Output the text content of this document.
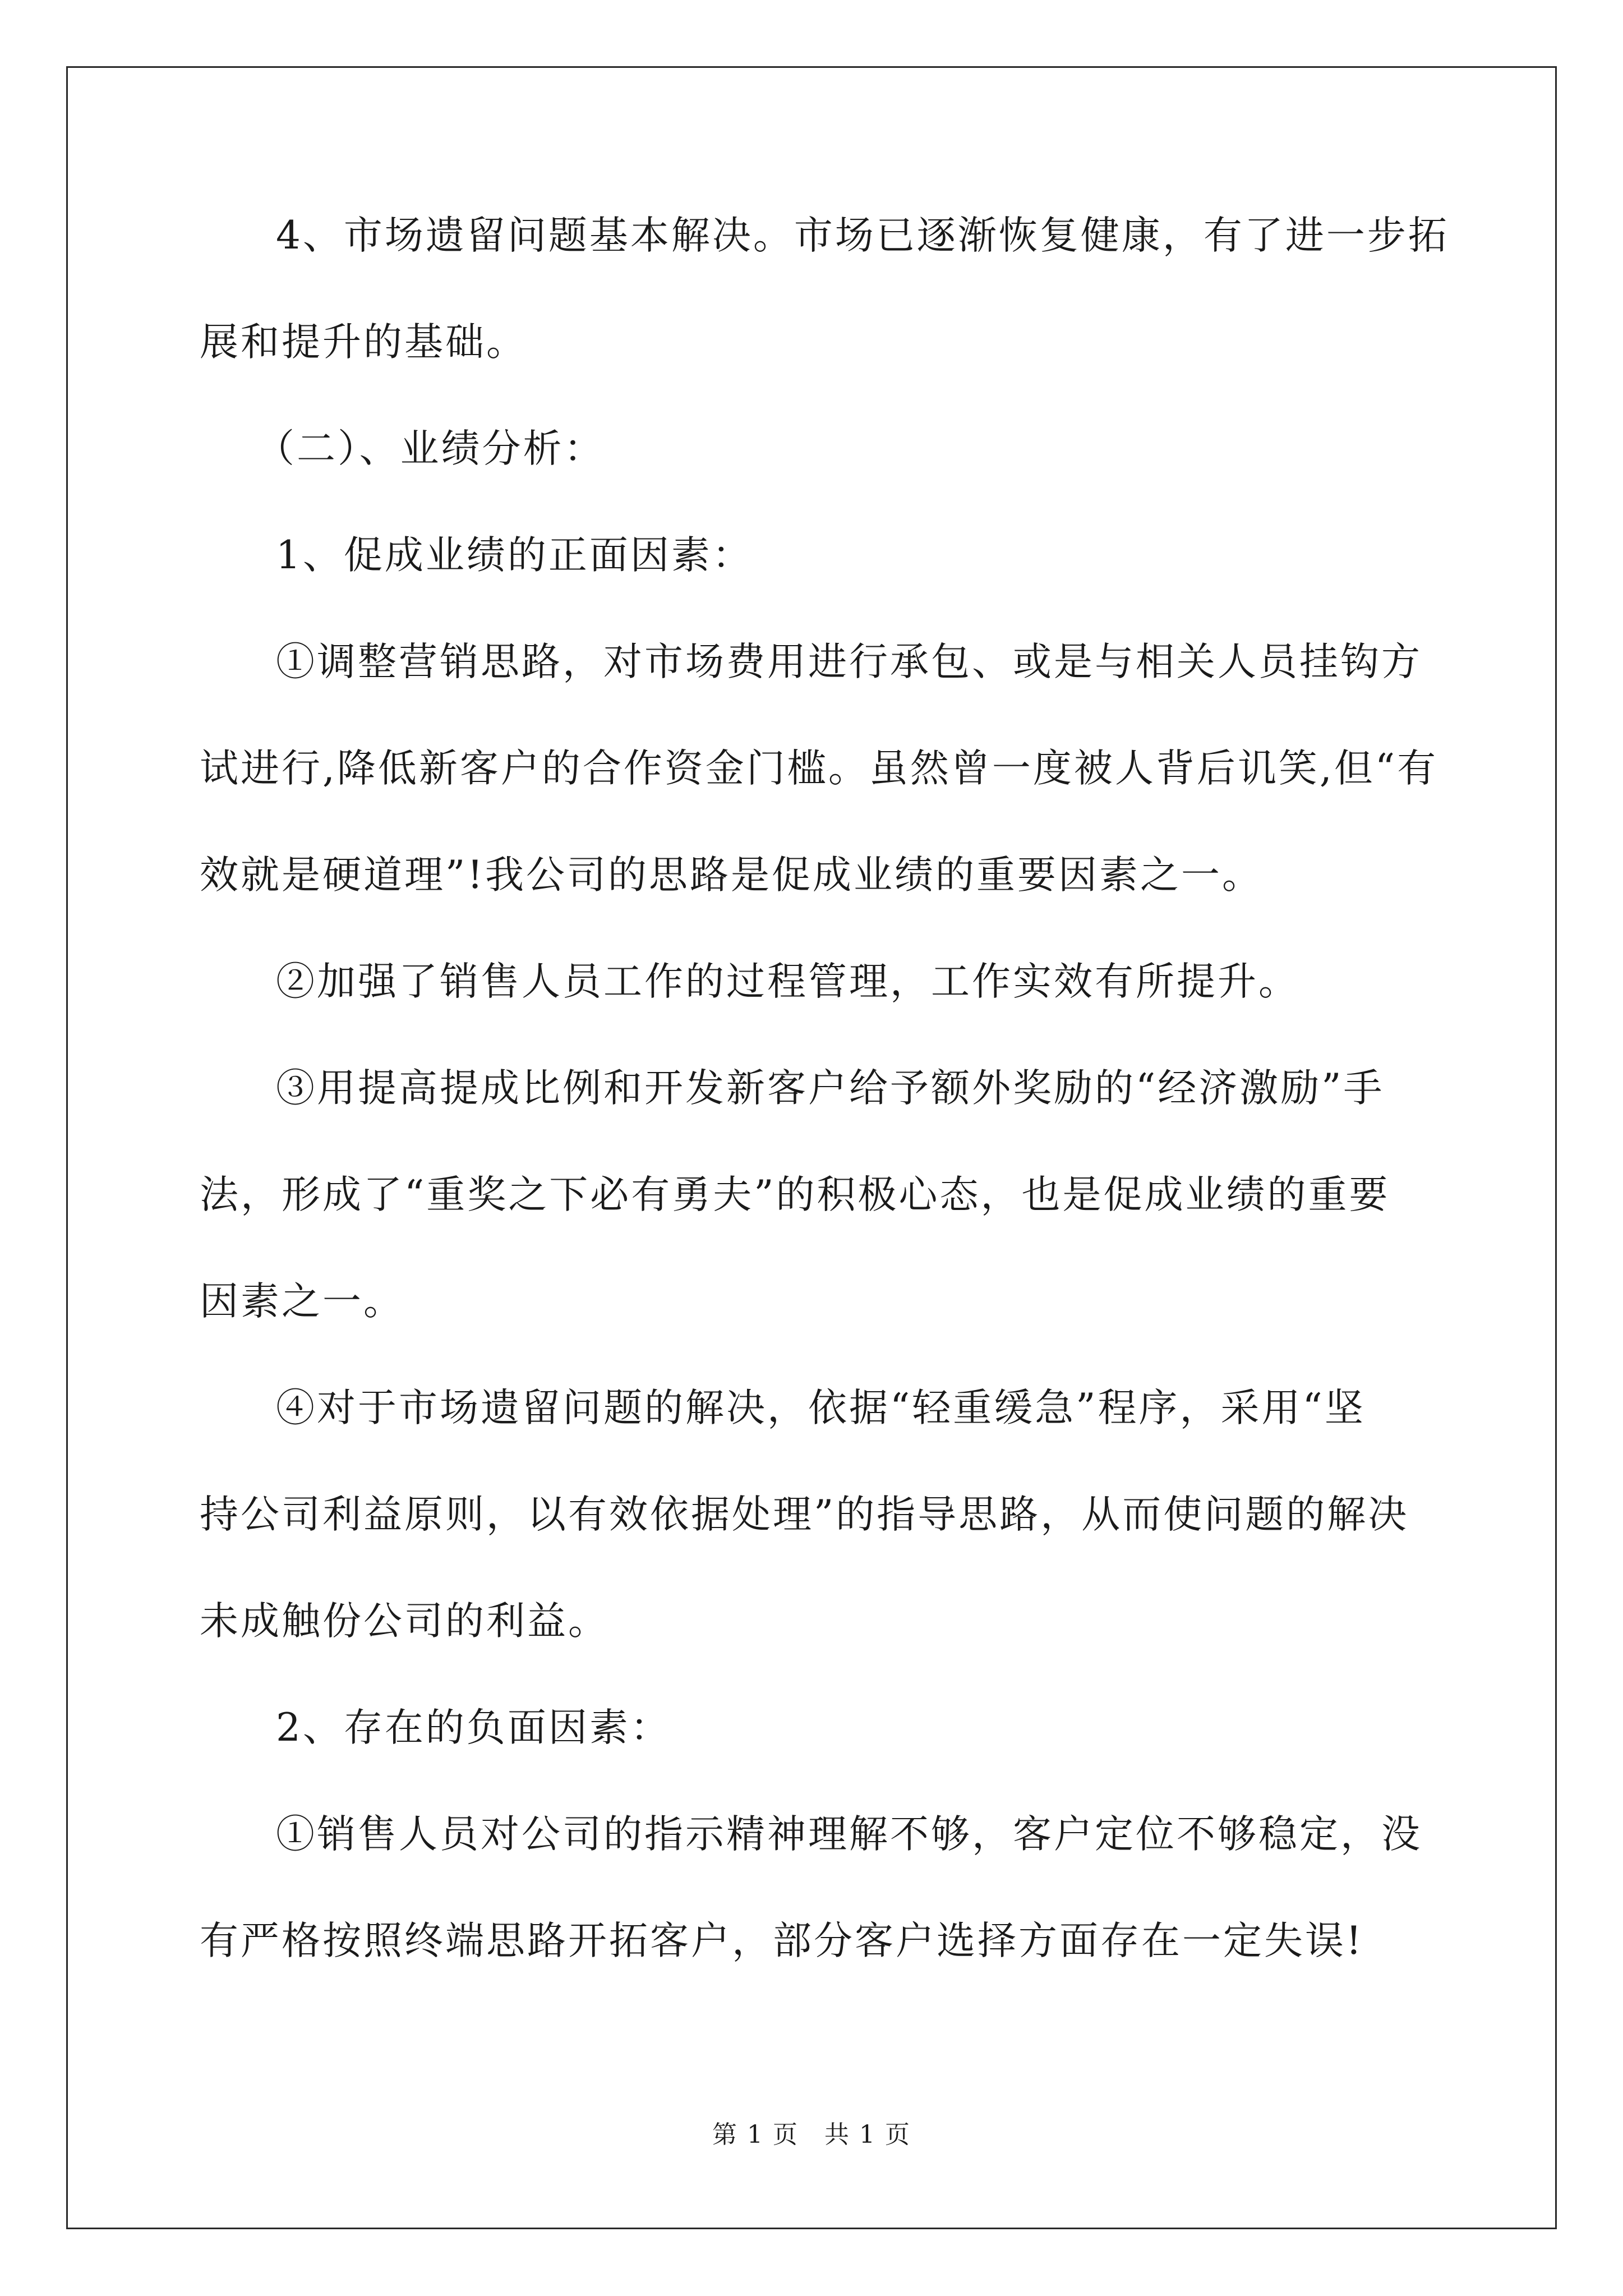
4、市场遗留问题基本解决。市场已逐渐恢复健康，有了进一步拓
展和提升的基础。
（二）、业绩分析：
1、促成业绩的正面因素：
①调整营销思路，对市场费用进行承包、或是与相关人员挂钩方
试进行,降低新客户的合作资金门槛。虽然曾一度被人背后讥笑,但“有
效就是硬道理”!我公司的思路是促成业绩的重要因素之一。
②加强了销售人员工作的过程管理，工作实效有所提升。
③用提高提成比例和开发新客户给予额外奖励的“经济激励”手
法，形成了“重奖之下必有勇夫”的积极心态，也是促成业绩的重要
因素之一。
④对于市场遗留问题的解决，依据“轻重缓急”程序，采用“坚
持公司利益原则，以有效依据处理”的指导思路，从而使问题的解决
未成触份公司的利益。
2、存在的负面因素：
①销售人员对公司的指示精神理解不够，客户定位不够稳定，没
有严格按照终端思路开拓客户，部分客户选择方面存在一定失误!
第 1 页　共 1 页
